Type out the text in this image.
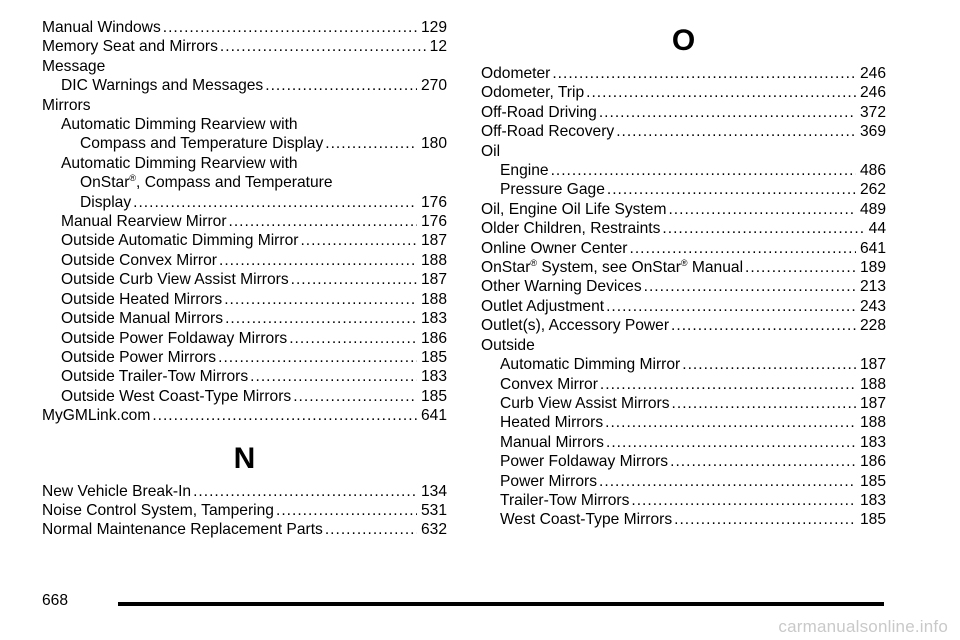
Manual Windows .....	129
Memory Seat and Mirrors .....	12
Message
DIC Warnings and Messages .....	270
Mirrors
Automatic Dimming Rearview with
Compass and Temperature Display .....	180
Automatic Dimming Rearview with
OnStar®, Compass and Temperature
Display .....	176
Manual Rearview Mirror .....	176
Outside Automatic Dimming Mirror .....	187
Outside Convex Mirror .....	188
Outside Curb View Assist Mirrors .....	187
Outside Heated Mirrors .....	188
Outside Manual Mirrors .....	183
Outside Power Foldaway Mirrors .....	186
Outside Power Mirrors .....	185
Outside Trailer-Tow Mirrors .....	183
Outside West Coast-Type Mirrors .....	185
MyGMLink.com .....	641
N
New Vehicle Break-In .....	134
Noise Control System, Tampering .....	531
Normal Maintenance Replacement Parts .....	632
O
Odometer .....	246
Odometer, Trip .....	246
Off-Road Driving .....	372
Off-Road Recovery .....	369
Oil
Engine .....	486
Pressure Gage .....	262
Oil, Engine Oil Life System .....	489
Older Children, Restraints .....	44
Online Owner Center .....	641
OnStar® System, see OnStar® Manual .....	189
Other Warning Devices .....	213
Outlet Adjustment .....	243
Outlet(s), Accessory Power .....	228
Outside
Automatic Dimming Mirror .....	187
Convex Mirror .....	188
Curb View Assist Mirrors .....	187
Heated Mirrors .....	188
Manual Mirrors .....	183
Power Foldaway Mirrors .....	186
Power Mirrors .....	185
Trailer-Tow Mirrors .....	183
West Coast-Type Mirrors .....	185
668
carmanualsonline.info
